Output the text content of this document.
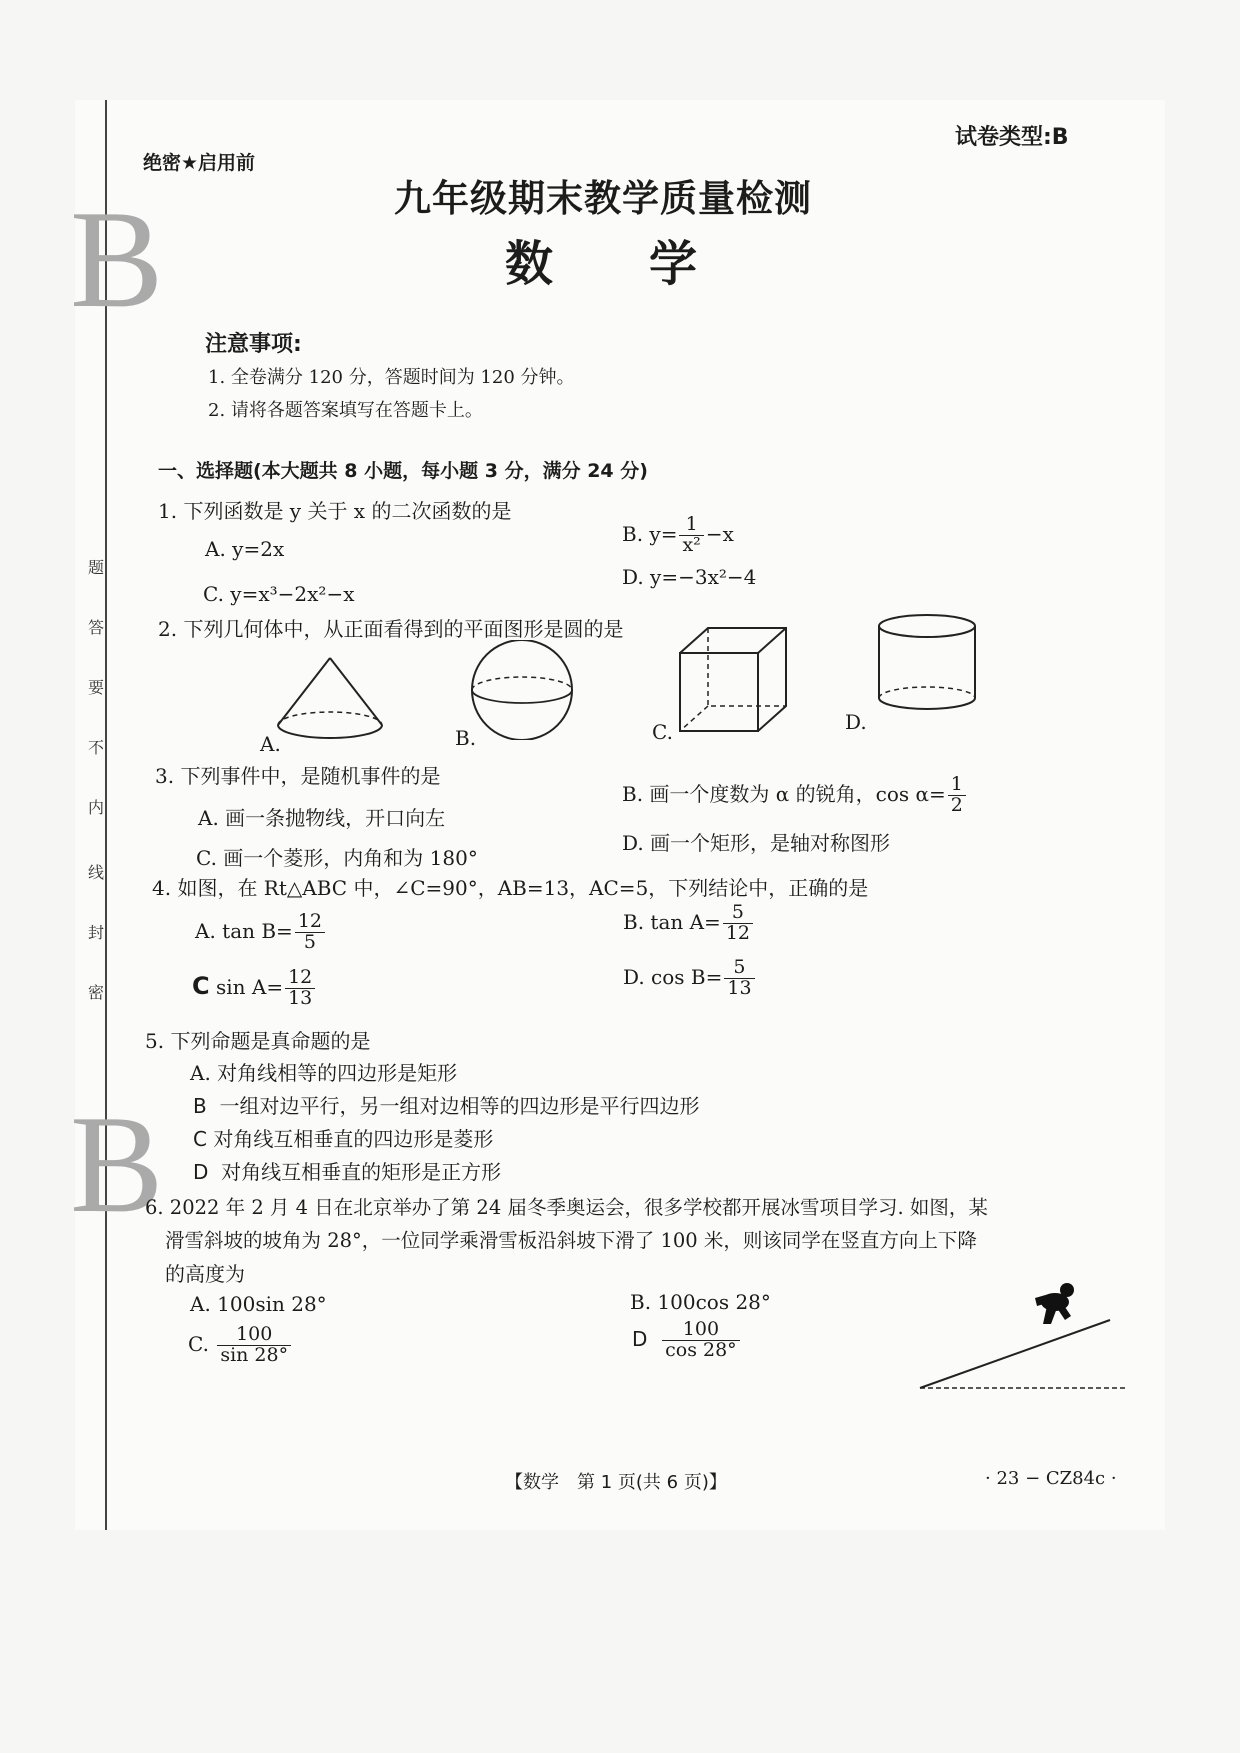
B
B
题
答
要
不
内
线
封
密
绝密★启用前
试卷类型:B
九年级期末教学质量检测
数　　学
注意事项:
1. 全卷满分 120 分，答题时间为 120 分钟。
2. 请将各题答案填写在答题卡上。
一、选择题(本大题共 8 小题，每小题 3 分，满分 24 分)
1. 下列函数是 y 关于 x 的二次函数的是
A. y=2x
B. $y= \frac{1}{\text{x²}} -x$
C. y=x³−2x²−x
D. y=−3x²−4
2. 下列几何体中，从正面看得到的平面图形是圆的是
A.	B.	C.	D.
3. 下列事件中，是随机事件的是
A. 画一条抛物线，开口向左
B. 画一个度数为 α 的锐角，$\cos \alpha= \frac{1}{2}$
C. 画一个菱形，内角和为 180°
D. 画一个矩形，是轴对称图形
4. 如图，在 Rt△ABC 中，∠C=90°，AB=13，AC=5，下列结论中，正确的是
A. $\tan B= \frac{12}{5}$	B. $\tan A= \frac{5}{12}$
C $\sin A= \frac{12}{13}$	D. $\cos B= \frac{5}{13}$
5. 下列命题是真命题的是
A. 对角线相等的四边形是矩形
B 一组对边平行，另一组对边相等的四边形是平行四边形
C 对角线互相垂直的四边形是菱形
D 对角线互相垂直的矩形是正方形
6. 2022 年 2 月 4 日在北京举办了第 24 届冬季奥运会，很多学校都开展冰雪项目学习. 如图，某
滑雪斜坡的坡角为 28°，一位同学乘滑雪板沿斜坡下滑了 100 米，则该同学在竖直方向上下降
的高度为
A. 100sin 28°	B. 100cos 28°
C. $\frac{100}{\sin 28^\circ}$	D $\frac{100}{\cos 28^\circ}$
【数学　第 1 页(共 6 页)】	· 23 − CZ84c ·
